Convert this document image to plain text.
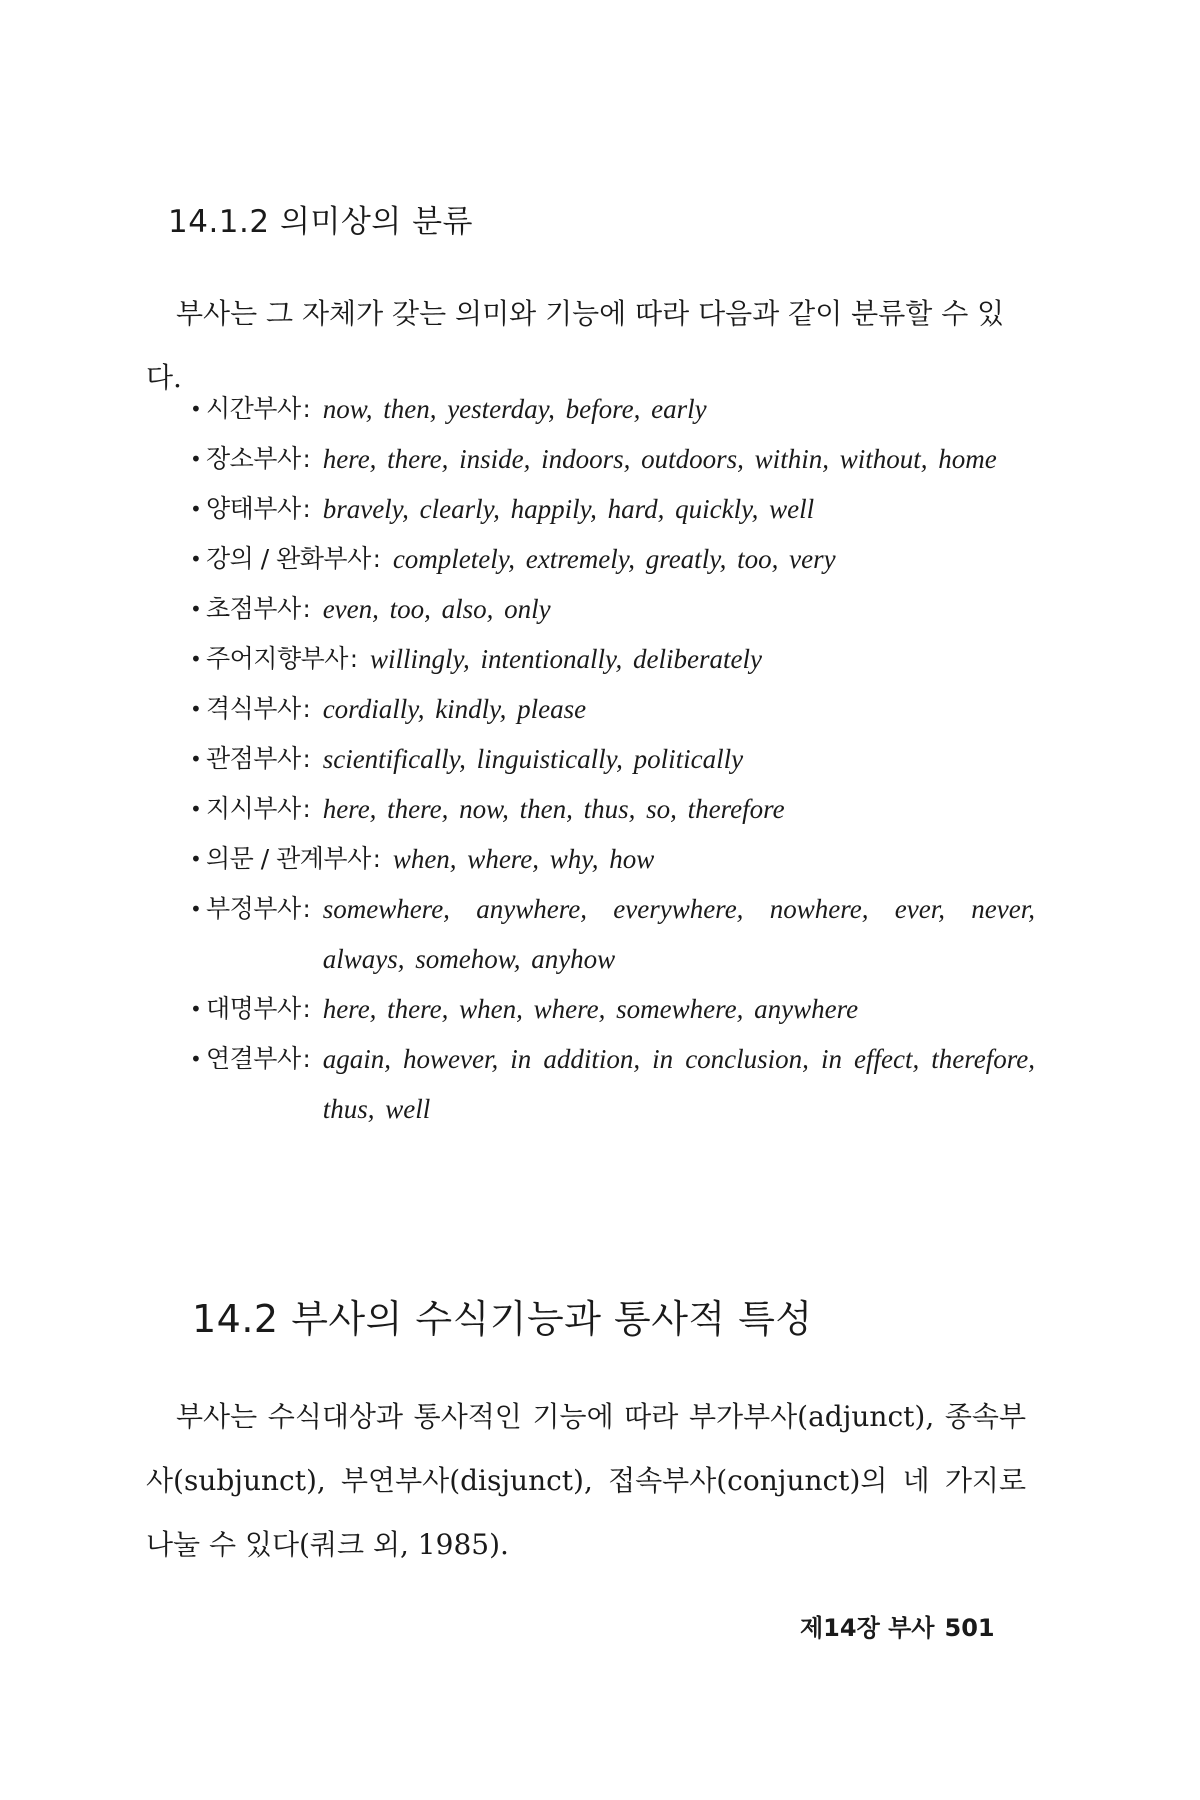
14.1.2 의미상의 분류

부사는 그 자체가 갖는 의미와 기능에 따라 다음과 같이 분류할 수 있다.

• 시간부사 : now, then, yesterday, before, early
• 장소부사 : here, there, inside, indoors, outdoors, within, without, home
• 양태부사 : bravely, clearly, happily, hard, quickly, well
• 강의 / 완화부사 : completely, extremely, greatly, too, very
• 초점부사 : even, too, also, only
• 주어지향부사 : willingly, intentionally, deliberately
• 격식부사 : cordially, kindly, please
• 관점부사 : scientifically, linguistically, politically
• 지시부사 : here, there, now, then, thus, so, therefore
• 의문 / 관계부사 : when, where, why, how
• 부정부사 : somewhere, anywhere, everywhere, nowhere, ever, never, always, somehow, anyhow
• 대명부사 : here, there, when, where, somewhere, anywhere
• 연결부사 : again, however, in addition, in conclusion, in effect, therefore, thus, well
14.2 부사의 수식기능과 통사적 특성

부사는 수식대상과 통사적인 기능에 따라 부가부사(adjunct), 종속부사(subjunct), 부연부사(disjunct), 접속부사(conjunct)의 네 가지로 나눌 수 있다(쿼크 외, 1985).

제14장 부사 501
